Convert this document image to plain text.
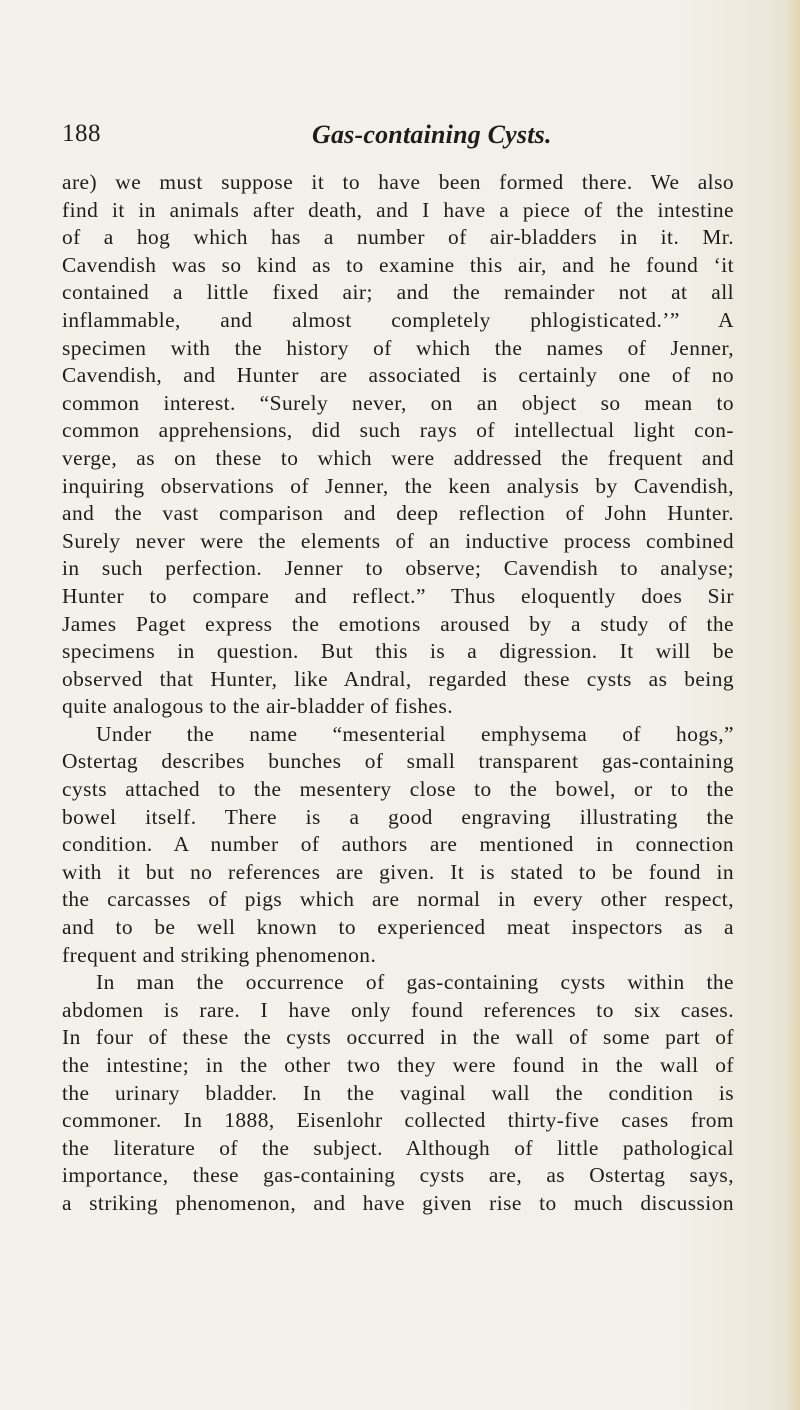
188	Gas-containing Cysts.
are) we must suppose it to have been formed there. We also
find it in animals after death, and I have a piece of the intestine
of a hog which has a number of air-bladders in it. Mr.
Cavendish was so kind as to examine this air, and he found ‘it
contained a little fixed air; and the remainder not at all
inflammable, and almost completely phlogisticated.’” A
specimen with the history of which the names of Jenner,
Cavendish, and Hunter are associated is certainly one of no
common interest. “Surely never, on an object so mean to
common apprehensions, did such rays of intellectual light con-
verge, as on these to which were addressed the frequent and
inquiring observations of Jenner, the keen analysis by Cavendish,
and the vast comparison and deep reflection of John Hunter.
Surely never were the elements of an inductive process combined
in such perfection. Jenner to observe; Cavendish to analyse;
Hunter to compare and reflect.” Thus eloquently does Sir
James Paget express the emotions aroused by a study of the
specimens in question. But this is a digression. It will be
observed that Hunter, like Andral, regarded these cysts as being
quite analogous to the air-bladder of fishes.
Under the name “mesenterial emphysema of hogs,”
Ostertag describes bunches of small transparent gas-containing
cysts attached to the mesentery close to the bowel, or to the
bowel itself. There is a good engraving illustrating the
condition. A number of authors are mentioned in connection
with it but no references are given. It is stated to be found in
the carcasses of pigs which are normal in every other respect,
and to be well known to experienced meat inspectors as a
frequent and striking phenomenon.
In man the occurrence of gas-containing cysts within the
abdomen is rare. I have only found references to six cases.
In four of these the cysts occurred in the wall of some part of
the intestine; in the other two they were found in the wall of
the urinary bladder. In the vaginal wall the condition is
commoner. In 1888, Eisenlohr collected thirty-five cases from
the literature of the subject. Although of little pathological
importance, these gas-containing cysts are, as Ostertag says,
a striking phenomenon, and have given rise to much discussion
